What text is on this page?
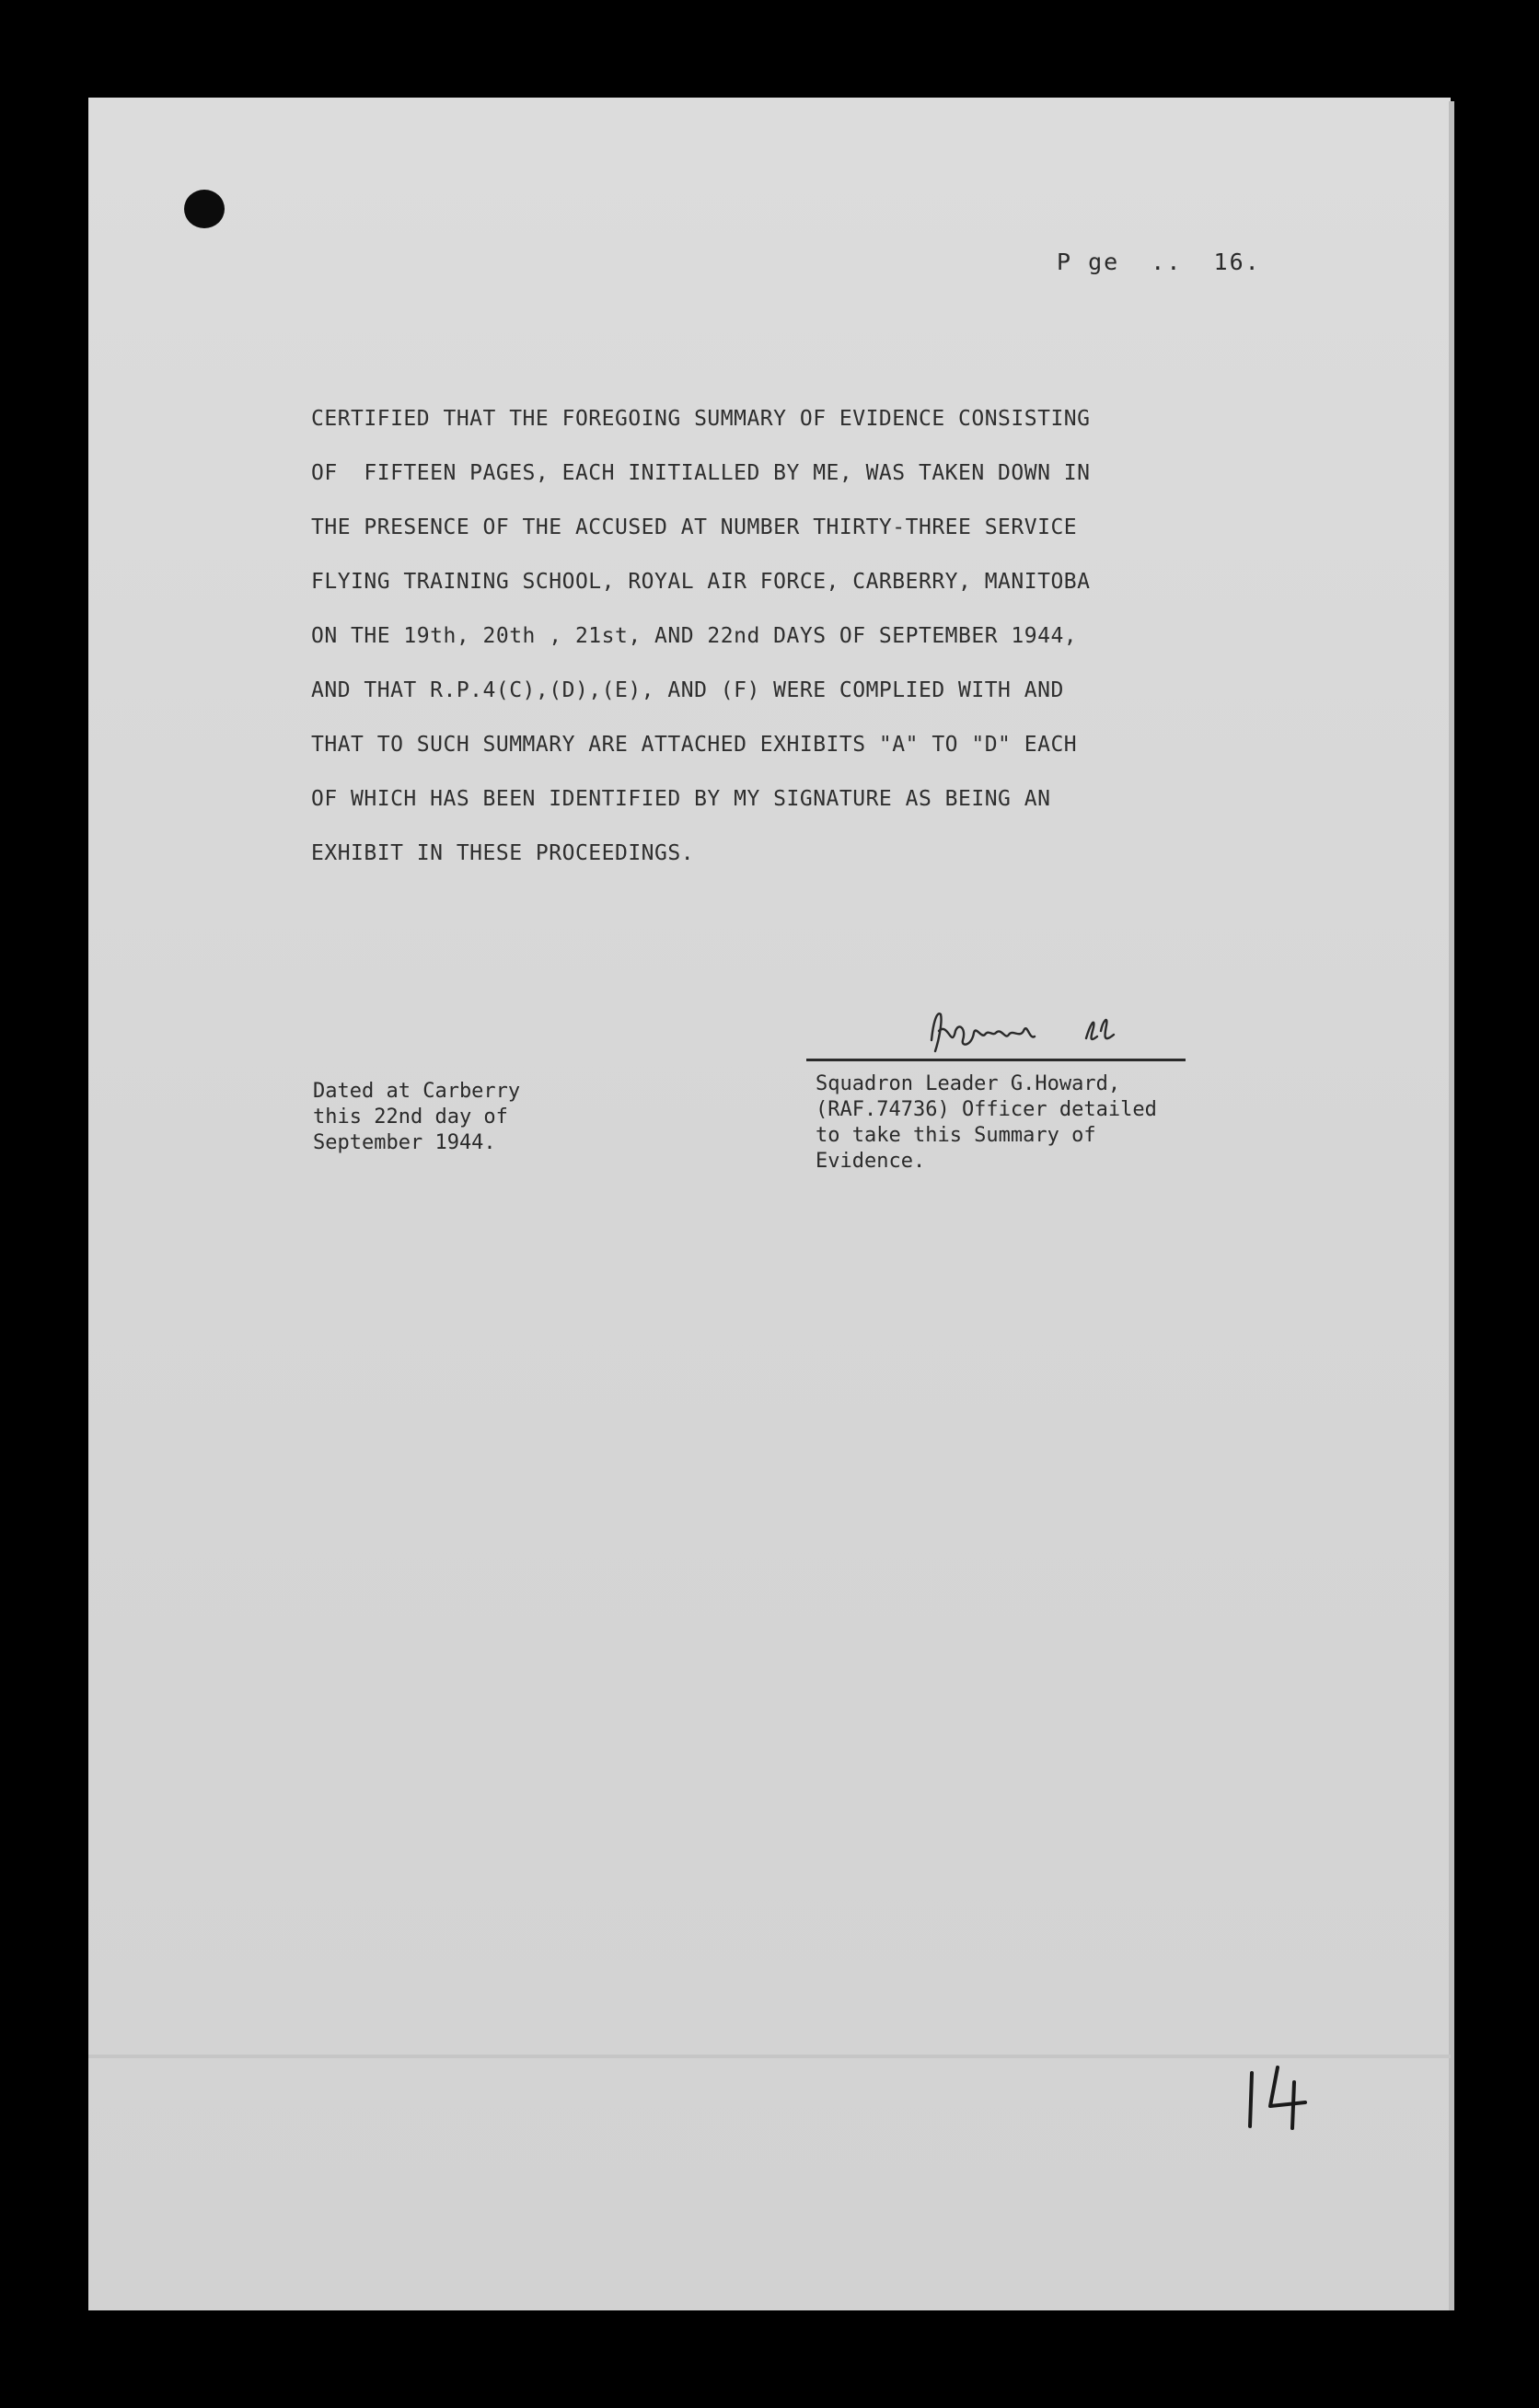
P ge  ..  16.
CERTIFIED THAT THE FOREGOING SUMMARY OF EVIDENCE CONSISTING
OF  FIFTEEN PAGES, EACH INITIALLED BY ME, WAS TAKEN DOWN IN
THE PRESENCE OF THE ACCUSED AT NUMBER THIRTY-THREE SERVICE
FLYING TRAINING SCHOOL, ROYAL AIR FORCE, CARBERRY, MANITOBA
ON THE 19th, 20th , 21st, AND 22nd DAYS OF SEPTEMBER 1944,
AND THAT R.P.4(C),(D),(E), AND (F) WERE COMPLIED WITH AND
THAT TO SUCH SUMMARY ARE ATTACHED EXHIBITS "A" TO "D" EACH
OF WHICH HAS BEEN IDENTIFIED BY MY SIGNATURE AS BEING AN
EXHIBIT IN THESE PROCEEDINGS.
GHoward SL
Dated at Carberry
this 22nd day of
September 1944.
Squadron Leader G.Howard,
(RAF.74736) Officer detailed
to take this Summary of
Evidence.
14
